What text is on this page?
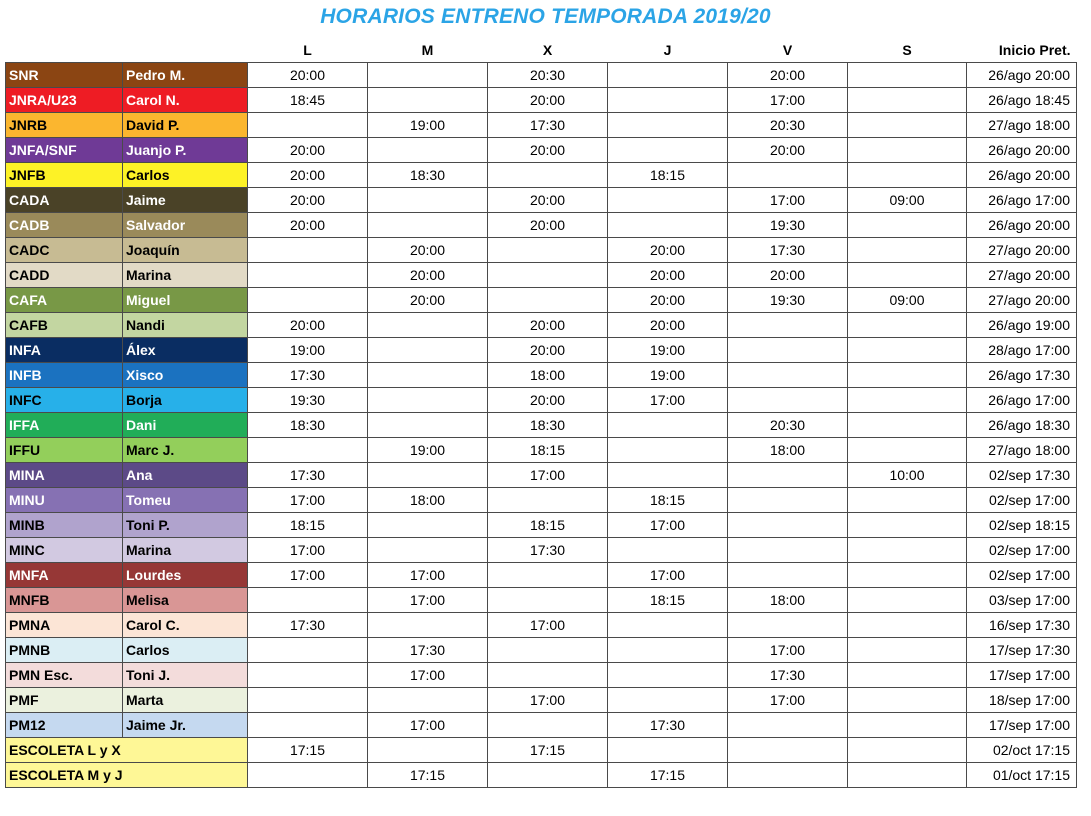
HORARIOS ENTRENO TEMPORADA 2019/20
		L	M	X	J	V	S	Inicio Pret.
SNR	Pedro M.	20:00		20:30		20:00		26/ago 20:00
JNRA/U23	Carol N.	18:45		20:00		17:00		26/ago 18:45
JNRB	David P.		19:00	17:30		20:30		27/ago 18:00
JNFA/SNF	Juanjo P.	20:00		20:00		20:00		26/ago 20:00
JNFB	Carlos	20:00	18:30		18:15			26/ago 20:00
CADA	Jaime	20:00		20:00		17:00	09:00	26/ago 17:00
CADB	Salvador	20:00		20:00		19:30		26/ago 20:00
CADC	Joaquín		20:00		20:00	17:30		27/ago 20:00
CADD	Marina		20:00		20:00	20:00		27/ago 20:00
CAFA	Miguel		20:00		20:00	19:30	09:00	27/ago 20:00
CAFB	Nandi	20:00		20:00	20:00			26/ago 19:00
INFA	Álex	19:00		20:00	19:00			28/ago 17:00
INFB	Xisco	17:30		18:00	19:00			26/ago 17:30
INFC	Borja	19:30		20:00	17:00			26/ago 17:00
IFFA	Dani	18:30		18:30		20:30		26/ago 18:30
IFFU	Marc J.		19:00	18:15		18:00		27/ago 18:00
MINA	Ana	17:30		17:00			10:00	02/sep 17:30
MINU	Tomeu	17:00	18:00		18:15			02/sep 17:00
MINB	Toni P.	18:15		18:15	17:00			02/sep 18:15
MINC	Marina	17:00		17:30				02/sep 17:00
MNFA	Lourdes	17:00	17:00		17:00			02/sep 17:00
MNFB	Melisa		17:00		18:15	18:00		03/sep 17:00
PMNA	Carol C.	17:30		17:00				16/sep 17:30
PMNB	Carlos		17:30			17:00		17/sep 17:30
PMN Esc.	Toni J.		17:00			17:30		17/sep 17:00
PMF	Marta			17:00		17:00		18/sep 17:00
PM12	Jaime Jr.		17:00		17:30			17/sep 17:00
ESCOLETA L y X		17:15		17:15				02/oct 17:15
ESCOLETA M y J			17:15		17:15			01/oct 17:15
